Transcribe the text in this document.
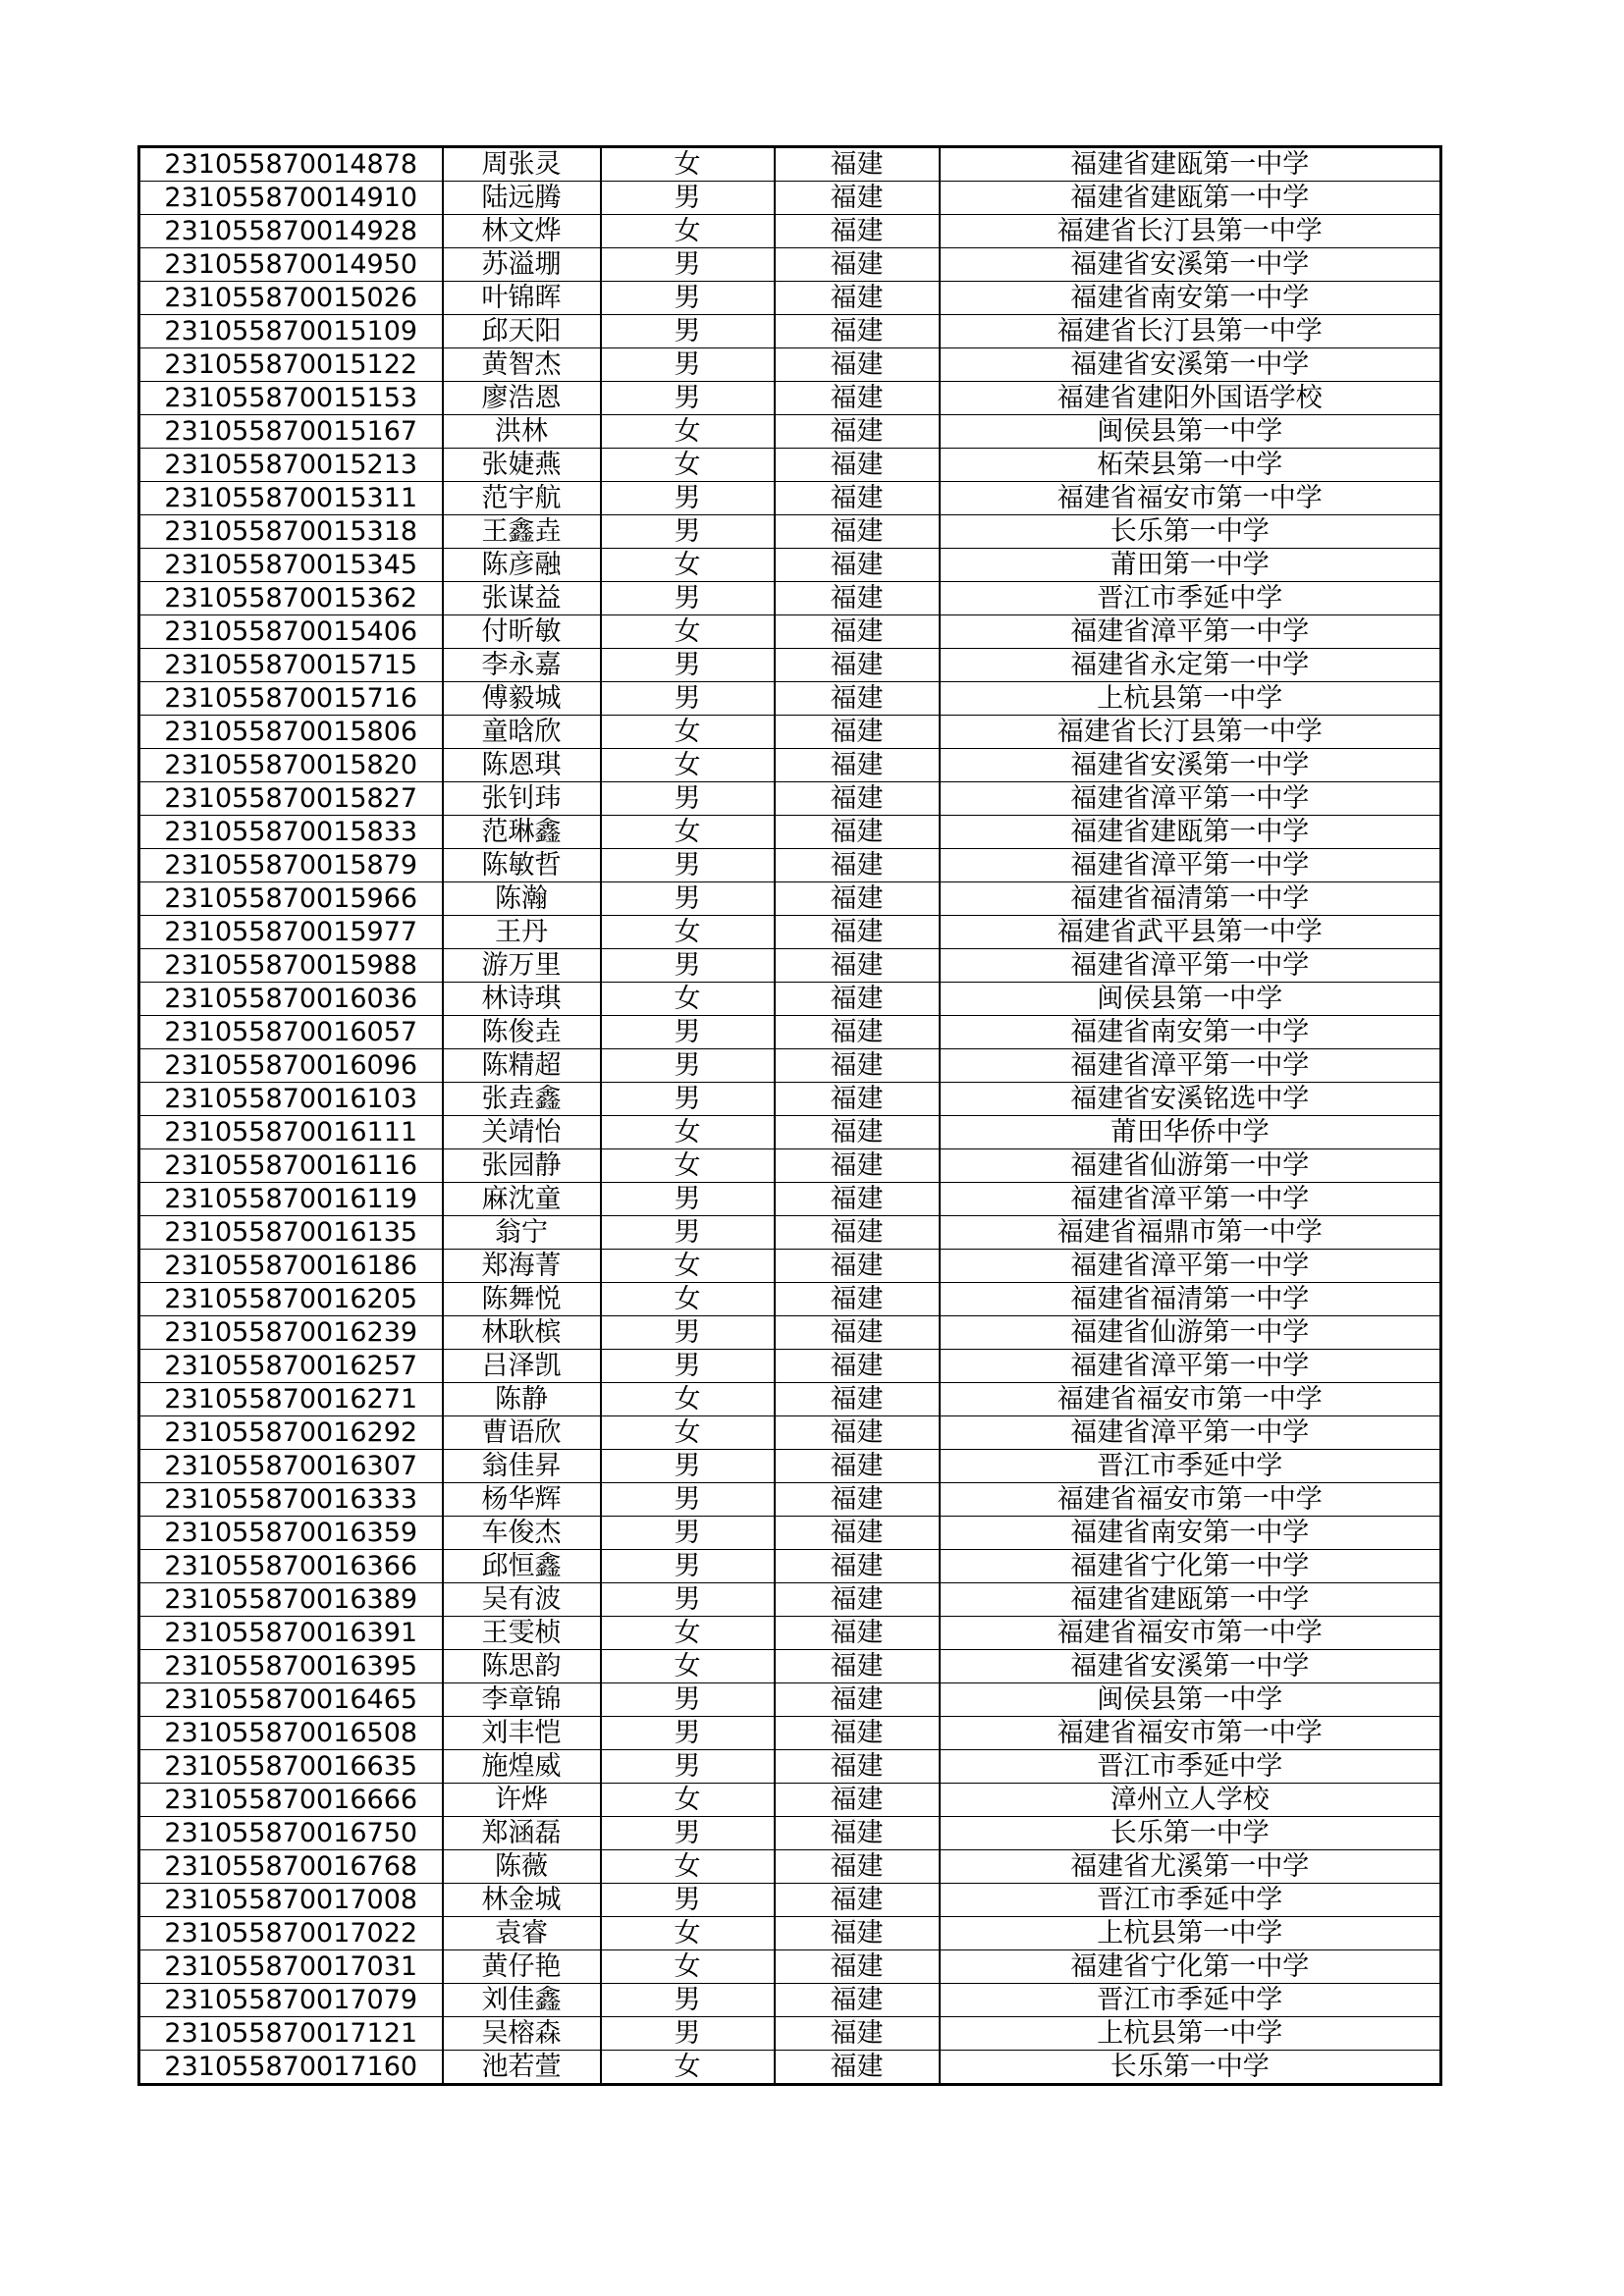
231055870014878	周张灵	女	福建	福建省建瓯第一中学
231055870014910	陆远腾	男	福建	福建省建瓯第一中学
231055870014928	林文烨	女	福建	福建省长汀县第一中学
231055870014950	苏溢堋	男	福建	福建省安溪第一中学
231055870015026	叶锦晖	男	福建	福建省南安第一中学
231055870015109	邱天阳	男	福建	福建省长汀县第一中学
231055870015122	黄智杰	男	福建	福建省安溪第一中学
231055870015153	廖浩恩	男	福建	福建省建阳外国语学校
231055870015167	洪林	女	福建	闽侯县第一中学
231055870015213	张婕燕	女	福建	柘荣县第一中学
231055870015311	范宇航	男	福建	福建省福安市第一中学
231055870015318	王鑫垚	男	福建	长乐第一中学
231055870015345	陈彦融	女	福建	莆田第一中学
231055870015362	张谋益	男	福建	晋江市季延中学
231055870015406	付昕敏	女	福建	福建省漳平第一中学
231055870015715	李永嘉	男	福建	福建省永定第一中学
231055870015716	傅毅城	男	福建	上杭县第一中学
231055870015806	童晗欣	女	福建	福建省长汀县第一中学
231055870015820	陈恩琪	女	福建	福建省安溪第一中学
231055870015827	张钊玮	男	福建	福建省漳平第一中学
231055870015833	范琳鑫	女	福建	福建省建瓯第一中学
231055870015879	陈敏哲	男	福建	福建省漳平第一中学
231055870015966	陈瀚	男	福建	福建省福清第一中学
231055870015977	王丹	女	福建	福建省武平县第一中学
231055870015988	游万里	男	福建	福建省漳平第一中学
231055870016036	林诗琪	女	福建	闽侯县第一中学
231055870016057	陈俊垚	男	福建	福建省南安第一中学
231055870016096	陈精超	男	福建	福建省漳平第一中学
231055870016103	张垚鑫	男	福建	福建省安溪铭选中学
231055870016111	关靖怡	女	福建	莆田华侨中学
231055870016116	张园静	女	福建	福建省仙游第一中学
231055870016119	麻沈童	男	福建	福建省漳平第一中学
231055870016135	翁宁	男	福建	福建省福鼎市第一中学
231055870016186	郑海菁	女	福建	福建省漳平第一中学
231055870016205	陈舞悦	女	福建	福建省福清第一中学
231055870016239	林耿槟	男	福建	福建省仙游第一中学
231055870016257	吕泽凯	男	福建	福建省漳平第一中学
231055870016271	陈静	女	福建	福建省福安市第一中学
231055870016292	曹语欣	女	福建	福建省漳平第一中学
231055870016307	翁佳昇	男	福建	晋江市季延中学
231055870016333	杨华辉	男	福建	福建省福安市第一中学
231055870016359	车俊杰	男	福建	福建省南安第一中学
231055870016366	邱恒鑫	男	福建	福建省宁化第一中学
231055870016389	吴有波	男	福建	福建省建瓯第一中学
231055870016391	王雯桢	女	福建	福建省福安市第一中学
231055870016395	陈思韵	女	福建	福建省安溪第一中学
231055870016465	李章锦	男	福建	闽侯县第一中学
231055870016508	刘丰恺	男	福建	福建省福安市第一中学
231055870016635	施煌威	男	福建	晋江市季延中学
231055870016666	许烨	女	福建	漳州立人学校
231055870016750	郑涵磊	男	福建	长乐第一中学
231055870016768	陈薇	女	福建	福建省尤溪第一中学
231055870017008	林金城	男	福建	晋江市季延中学
231055870017022	袁睿	女	福建	上杭县第一中学
231055870017031	黄仔艳	女	福建	福建省宁化第一中学
231055870017079	刘佳鑫	男	福建	晋江市季延中学
231055870017121	吴榕森	男	福建	上杭县第一中学
231055870017160	池若萱	女	福建	长乐第一中学
